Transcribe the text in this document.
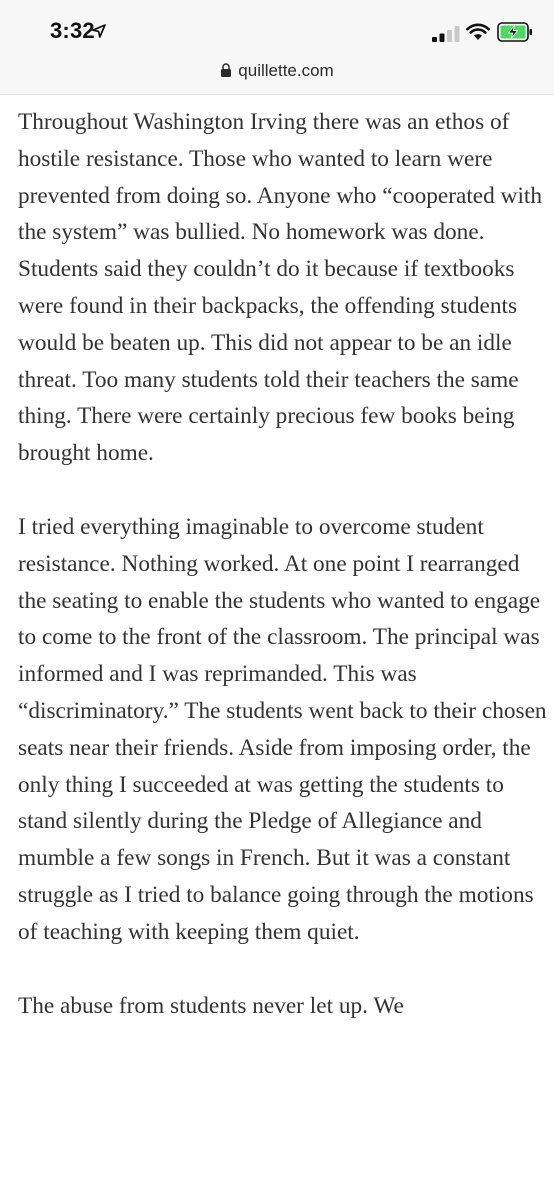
3:32
quillette.com

Throughout Washington Irving there was an ethos of hostile resistance. Those who wanted to learn were prevented from doing so. Anyone who “cooperated with the system” was bullied. No homework was done. Students said they couldn’t do it because if textbooks were found in their backpacks, the offending students would be beaten up. This did not appear to be an idle threat. Too many students told their teachers the same thing. There were certainly precious few books being brought home.

I tried everything imaginable to overcome student resistance. Nothing worked. At one point I rearranged the seating to enable the students who wanted to engage to come to the front of the classroom. The principal was informed and I was reprimanded. This was “discriminatory.” The students went back to their chosen seats near their friends. Aside from imposing order, the only thing I succeeded at was getting the students to stand silently during the Pledge of Allegiance and mumble a few songs in French. But it was a constant struggle as I tried to balance going through the motions of teaching with keeping them quiet.

The abuse from students never let up. We
